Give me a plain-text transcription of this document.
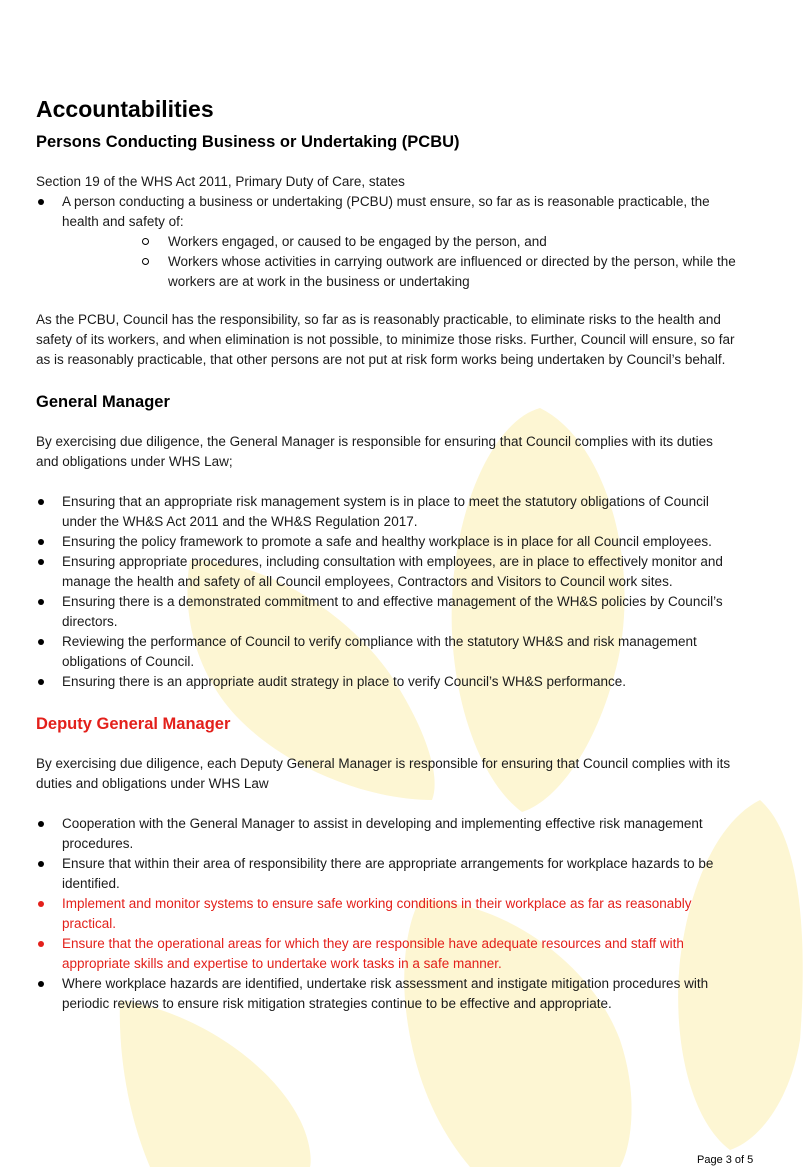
Accountabilities
Persons Conducting Business or Undertaking (PCBU)

Section 19 of the WHS Act 2011, Primary Duty of Care, states

A person conducting a business or undertaking (PCBU) must ensure, so far as is reasonable practicable, the health and safety of:
Workers engaged, or caused to be engaged by the person, and
Workers whose activities in carrying outwork are influenced or directed by the person, while the workers are at work in the business or undertaking

As the PCBU, Council has the responsibility, so far as is reasonably practicable, to eliminate risks to the health and safety of its workers, and when elimination is not possible, to minimize those risks. Further, Council will ensure, so far as is reasonably practicable, that other persons are not put at risk form works being undertaken by Council’s behalf.

General Manager

By exercising due diligence, the General Manager is responsible for ensuring that Council complies with its duties and obligations under WHS Law;

Ensuring that an appropriate risk management system is in place to meet the statutory obligations of Council under the WH&S Act 2011 and the WH&S Regulation 2017.
Ensuring the policy framework to promote a safe and healthy workplace is in place for all Council employees.
Ensuring appropriate procedures, including consultation with employees, are in place to effectively monitor and manage the health and safety of all Council employees, Contractors and Visitors to Council work sites.
Ensuring there is a demonstrated commitment to and effective management of the WH&S policies by Council’s directors.
Reviewing the performance of Council to verify compliance with the statutory WH&S and risk management obligations of Council.
Ensuring there is an appropriate audit strategy in place to verify Council’s WH&S performance.
Deputy General Manager

By exercising due diligence, each Deputy General Manager is responsible for ensuring that Council complies with its duties and obligations under WHS Law

Cooperation with the General Manager to assist in developing and implementing effective risk management procedures.
Ensure that within their area of responsibility there are appropriate arrangements for workplace hazards to be identified.
Implement and monitor systems to ensure safe working conditions in their workplace as far as reasonably practical.
Ensure that the operational areas for which they are responsible have adequate resources and staff with appropriate skills and expertise to undertake work tasks in a safe manner.
Where workplace hazards are identified, undertake risk assessment and instigate mitigation procedures with periodic reviews to ensure risk mitigation strategies continue to be effective and appropriate.
Page 3 of 5
